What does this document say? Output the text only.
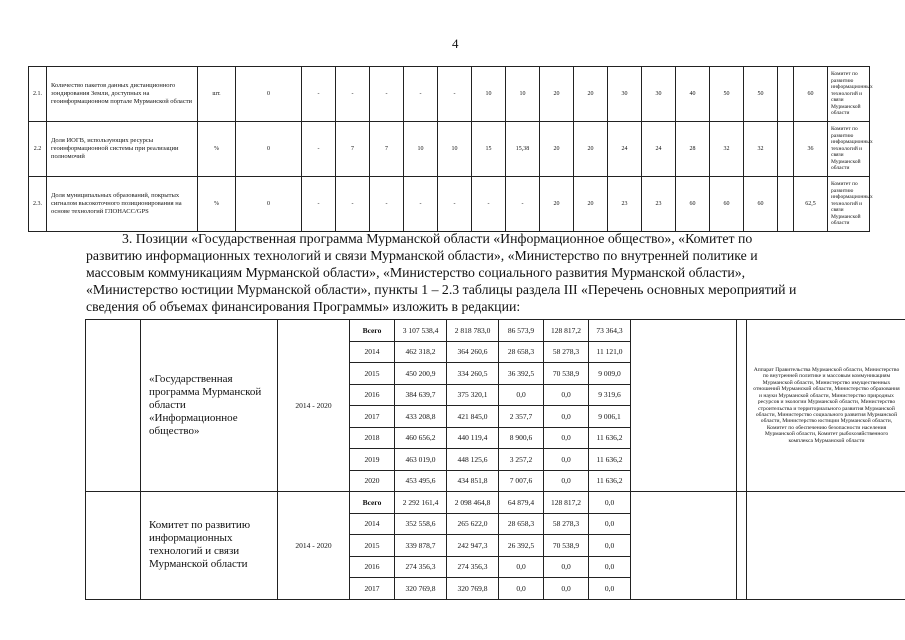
4
2.1.	Количество пакетов данных дистанционного зондирования Земли, доступных на геоинформационном портале Мурманской области	шт.	0	-	-	-	-	-	10	10	20	20	30	30	40	50	50		60	Комитет по развитию информационных технологий и связи Мурманской области
2.2	Доля ИОГВ, использующих ресурсы геоинформационной системы при реализации полномочий	%	0	-	7	7	10	10	15	15,38	20	20	24	24	28	32	32		36	Комитет по развитию информационных технологий и связи Мурманской области
2.3.	Доля муниципальных образований, покрытых сигналом высокоточного позиционирования на основе технологий ГЛОНАСС/GPS	%	0	-	-	-	-	-	-	-	20	20	23	23	60	60	60		62,5	Комитет по развитию информационных технологий и связи Мурманской области
3. Позиции «Государственная программа Мурманской области «Информационное общество», «Комитет по
развитию информационных технологий и связи Мурманской области», «Министерство по внутренней политике и
массовым коммуникациям Мурманской области», «Министерство социального развития Мурманской области»,
«Министерство юстиции Мурманской области», пункты 1 – 2.3 таблицы раздела III «Перечень основных мероприятий и
сведения об объемах финансирования Программы» изложить в редакции:
	«Государственная программа Мурманской области «Информационное общество»	2014 - 2020	Всего	3 107 538,4	2 818 783,0	86 573,9	128 817,2	73 364,3			Аппарат Правительства Мурманской области, Министерство по внутренней политике и массовым коммуникациям Мурманской области, Министерство имущественных отношений Мурманской области, Министерство образования и науки Мурманской области, Министерство природных ресурсов и экологии Мурманской области, Министерство строительства и территориального развития Мурманской области, Министерство социального развития Мурманской области, Министерство юстиции Мурманской области, Комитет по обеспечению безопасности населения Мурманской области, Комитет рыбохозяйственного комплекса Мурманской области
			2014	462 318,2	364 260,6	28 658,3	58 278,3	11 121,0			
			2015	450 200,9	334 260,5	36 392,5	70 538,9	9 009,0			
			2016	384 639,7	375 320,1	0,0	0,0	9 319,6			
			2017	433 208,8	421 845,0	2 357,7	0,0	9 006,1			
			2018	460 656,2	440 119,4	8 900,6	0,0	11 636,2			
			2019	463 019,0	448 125,6	3 257,2	0,0	11 636,2			
			2020	453 495,6	434 851,8	7 007,6	0,0	11 636,2			
	Комитет по развитию информационных технологий и связи Мурманской области	2014 - 2020	Всего	2 292 161,4	2 098 464,8	64 879,4	128 817,2	0,0			
			2014	352 558,6	265 622,0	28 658,3	58 278,3	0,0			
			2015	339 878,7	242 947,3	26 392,5	70 538,9	0,0			
			2016	274 356,3	274 356,3	0,0	0,0	0,0			
			2017	320 769,8	320 769,8	0,0	0,0	0,0			
